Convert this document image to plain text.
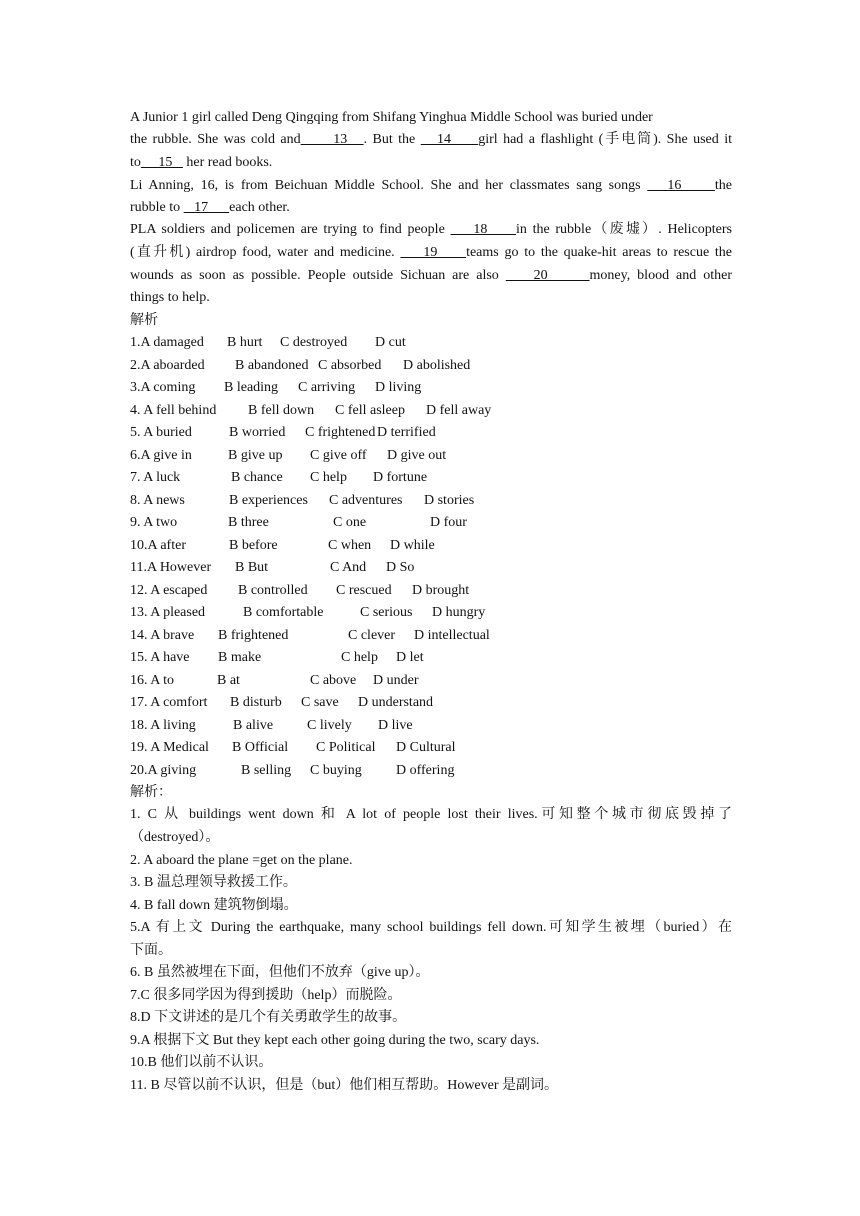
A Junior 1 girl called Deng Qingqing from Shifang Yinghua Middle School was buried under
the rubble. She was cold and      13   . But the    14     girl had a flashlight (手电筒). She used it
to     15    her read books.
Li Anning, 16, is from Beichuan Middle School. She and her classmates sang songs    16     the
rubble to    17      each other.
PLA soldiers and policemen are trying to find people     18     in the rubble（废墟）. Helicopters
(直升机) airdrop food, water and medicine.     19     teams go to the quake-hit areas to rescue the
wounds as soon as possible. People outside Sichuan are also     20      money, blood and other
things to help.
解析
1.A damaged B hurt C destroyed D cut
2.A aboarded B abandoned C absorbed D abolished
3.A coming B leading C arriving D living
4. A fell behind B fell down C fell asleep D fell away
5. A buried	B worried C frightened D terrified
6.A give in	B give up C give off D give out
7. A luck	B chance C help D fortune
8. A news	B experiences C adventures D stories
9. A two	B three	C one	D four
10.A after	B before	C when D while
11.A However B But	C And D So
12. A escaped B controlled C rescued D brought
13. A pleased	B comfortable	C serious D hungry
14. A brave B frightened	C clever D intellectual
15. A have B make	C help D let
16. A to	B at	C above D under
17. A comfort B disturb C save D understand
18. A living	B alive C lively D live
19. A Medical B Official C Political D Cultural
20.A giving	B selling C buying D offering
解析：
1. C 从 buildings went down 和 A lot of people lost their lives.可知整个城市彻底毁掉了
（destroyed）。
2. A aboard the plane =get on the plane.
3. B 温总理领导救援工作。
4. B fall down 建筑物倒塌。
5.A 有上文 During the earthquake, many school buildings fell down.可知学生被埋（buried）在
下面。
6. B 虽然被埋在下面，但他们不放弃（give up）。
7.C 很多同学因为得到援助（help）而脱险。
8.D 下文讲述的是几个有关勇敢学生的故事。
9.A 根据下文 But they kept each other going during the two, scary days.
10.B 他们以前不认识。
11. B 尽管以前不认识，但是（but）他们相互帮助。However 是副词。
